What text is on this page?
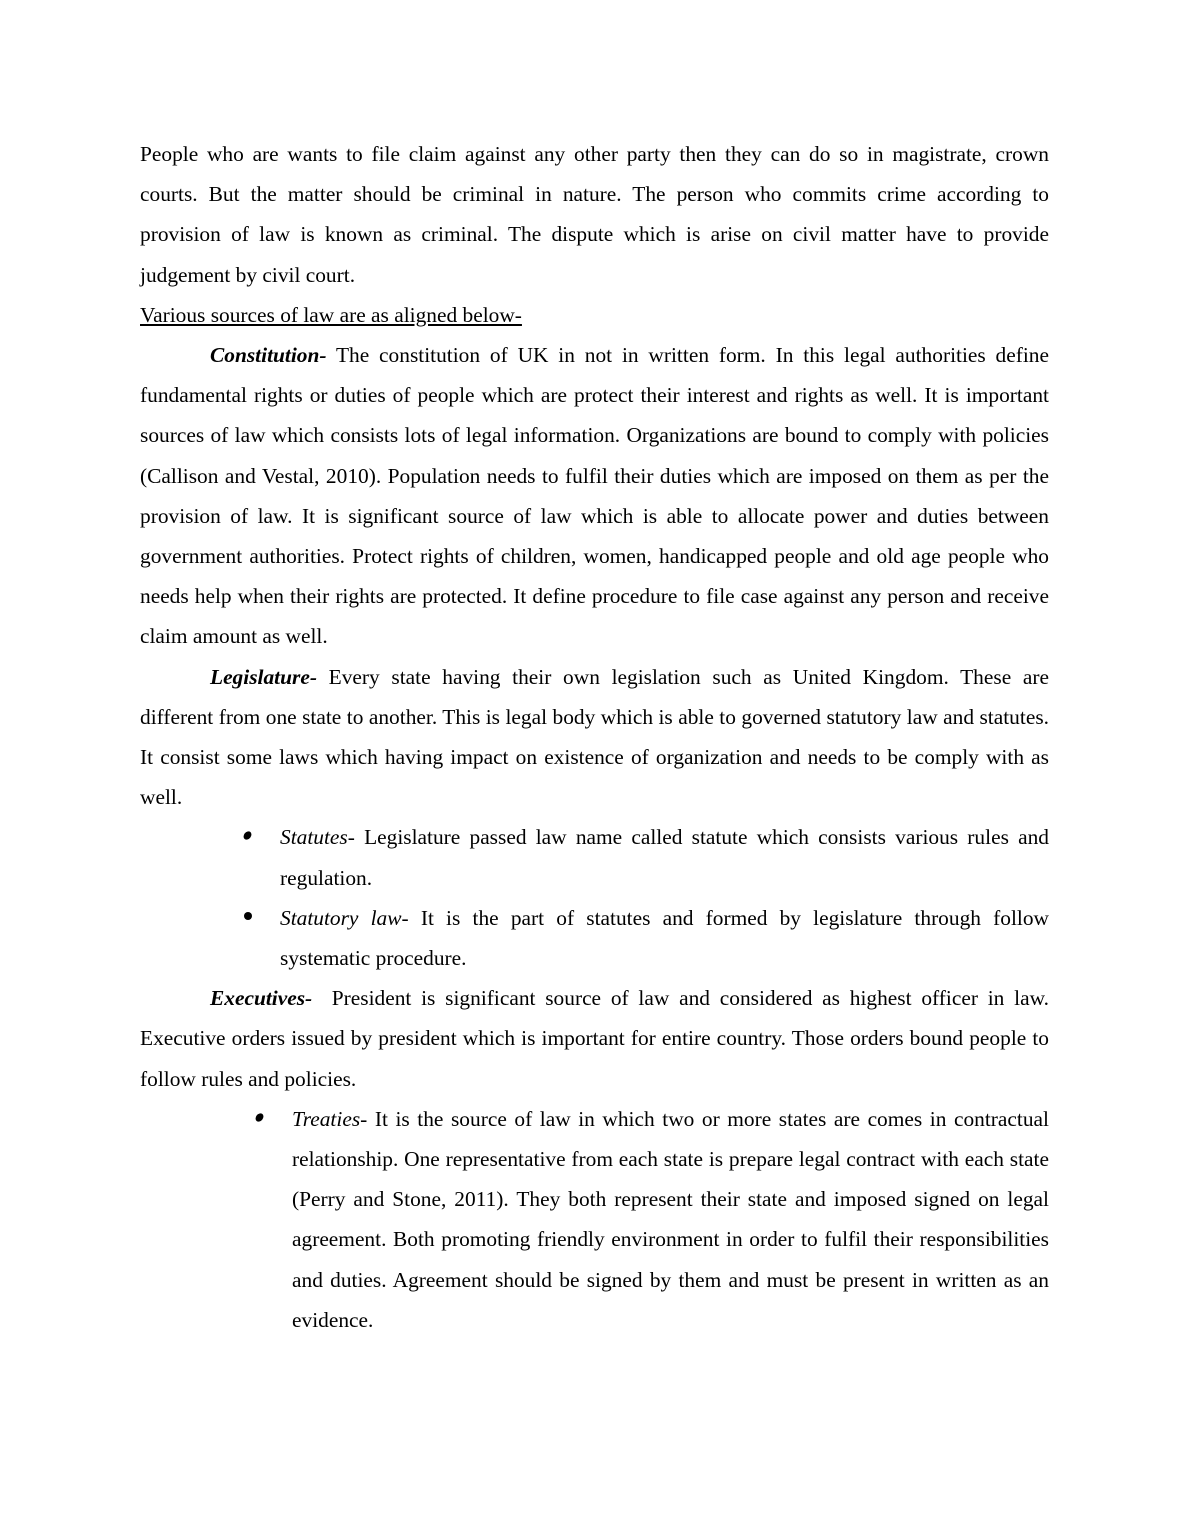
People who are wants to file claim against any other party then they can do so in magistrate, crown courts. But the matter should be criminal in nature. The person who commits crime according to provision of law is known as criminal. The dispute which is arise on civil matter have to provide judgement by civil court.

Various sources of law are as aligned below-

Constitution- The constitution of UK in not in written form. In this legal authorities define fundamental rights or duties of people which are protect their interest and rights as well. It is important sources of law which consists lots of legal information. Organizations are bound to comply with policies (Callison and Vestal, 2010). Population needs to fulfil their duties which are imposed on them as per the provision of law. It is significant source of law which is able to allocate power and duties between government authorities. Protect rights of children, women, handicapped people and old age people who needs help when their rights are protected. It define procedure to file case against any person and receive claim amount as well.

Legislature- Every state having their own legislation such as United Kingdom. These are different from one state to another. This is legal body which is able to governed statutory law and statutes. It consist some laws which having impact on existence of organization and needs to be comply with as well.

Statutes- Legislature passed law name called statute which consists various rules and regulation.

Statutory law- It is the part of statutes and formed by legislature through follow systematic procedure.

Executives-  President is significant source of law and considered as highest officer in law. Executive orders issued by president which is important for entire country. Those orders bound people to follow rules and policies.

Treaties- It is the source of law in which two or more states are comes in contractual relationship. One representative from each state is prepare legal contract with each state (Perry and Stone, 2011). They both represent their state and imposed signed on legal agreement. Both promoting friendly environment in order to fulfil their responsibilities and duties. Agreement should be signed by them and must be present in written as an evidence.
